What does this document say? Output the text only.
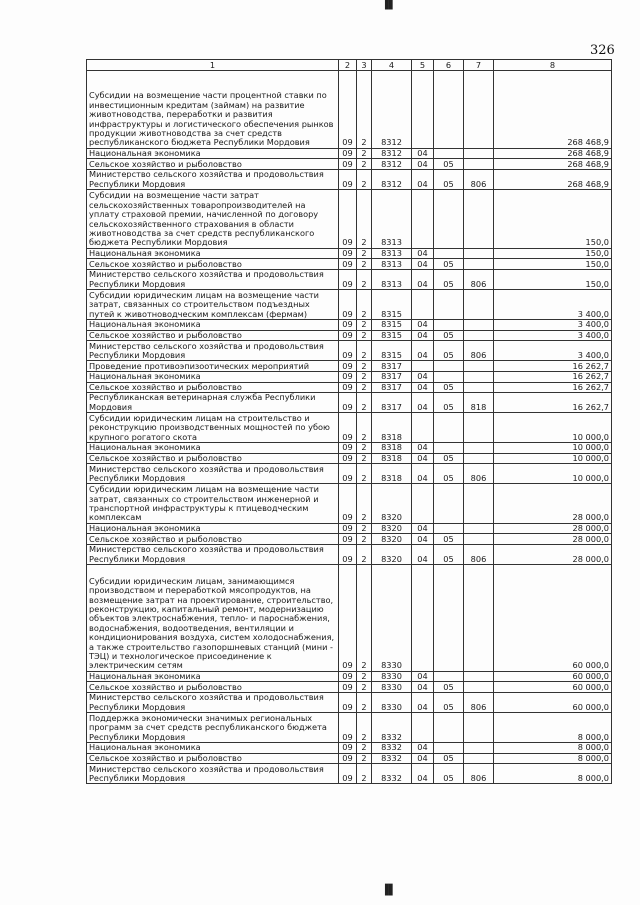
▐▌
326
1	2	3	4	5	6	7	8
Субсидии на возмещение части процентной ставки по инвестиционным кредитам (займам) на развитие животноводства, переработки и развития инфраструктуры и логистического обеспечения рынков продукции животноводства за счет средств республиканского бюджета Республики Мордовия	09	2	8312				268 468,9
Национальная экономика	09	2	8312	04			268 468,9
Сельское хозяйство и рыболовство	09	2	8312	04	05		268 468,9
Министерство сельского хозяйства и продовольствия Республики Мордовия	09	2	8312	04	05	806	268 468,9
Субсидии на возмещение части затрат сельскохозяйственных товаропроизводителей на уплату страховой премии, начисленной по договору сельскохозяйственного страхования в области животноводства за счет средств республиканского бюджета Республики Мордовия	09	2	8313				150,0
Национальная экономика	09	2	8313	04			150,0
Сельское хозяйство и рыболовство	09	2	8313	04	05		150,0
Министерство сельского хозяйства и продовольствия Республики Мордовия	09	2	8313	04	05	806	150,0
Субсидии юридическим лицам на возмещение части затрат, связанных со строительством подъездных путей к животноводческим комплексам (фермам)	09	2	8315				3 400,0
Национальная экономика	09	2	8315	04			3 400,0
Сельское хозяйство и рыболовство	09	2	8315	04	05		3 400,0
Министерство сельского хозяйства и продовольствия Республики Мордовия	09	2	8315	04	05	806	3 400,0
Проведение противоэпизоотических мероприятий	09	2	8317				16 262,7
Национальная экономика	09	2	8317	04			16 262,7
Сельское хозяйство и рыболовство	09	2	8317	04	05		16 262,7
Республиканская ветеринарная служба Республики Мордовия	09	2	8317	04	05	818	16 262,7
Субсидии юридическим лицам на строительство и реконструкцию производственных мощностей по убою крупного рогатого скота	09	2	8318				10 000,0
Национальная экономика	09	2	8318	04			10 000,0
Сельское хозяйство и рыболовство	09	2	8318	04	05		10 000,0
Министерство сельского хозяйства и продовольствия Республики Мордовия	09	2	8318	04	05	806	10 000,0
Субсидии юридическим лицам на возмещение части затрат, связанных со строительством инженерной и транспортной инфраструктуры к птицеводческим комплексам	09	2	8320				28 000,0
Национальная экономика	09	2	8320	04			28 000,0
Сельское хозяйство и рыболовство	09	2	8320	04	05		28 000,0
Министерство сельского хозяйства и продовольствия Республики Мордовия	09	2	8320	04	05	806	28 000,0
Субсидии юридическим лицам, занимающимся производством и переработкой мясопродуктов, на возмещение затрат на проектирование, строительство, реконструкцию, капитальный ремонт, модернизацию объектов электроснабжения, тепло- и пароснабжения, водоснабжения, водоотведения, вентиляции и кондиционирования воздуха, систем холодоснабжения, а также строительство газопоршневых станций (мини - ТЭЦ) и технологическое присоединение к электрическим сетям	09	2	8330				60 000,0
Национальная экономика	09	2	8330	04			60 000,0
Сельское хозяйство и рыболовство	09	2	8330	04	05		60 000,0
Министерство сельского хозяйства и продовольствия Республики Мордовия	09	2	8330	04	05	806	60 000,0
Поддержка экономически значимых региональных программ за счет средств республиканского бюджета Республики Мордовия	09	2	8332				8 000,0
Национальная экономика	09	2	8332	04			8 000,0
Сельское хозяйство и рыболовство	09	2	8332	04	05		8 000,0
Министерство сельского хозяйства и продовольствия Республики Мордовия	09	2	8332	04	05	806	8 000,0
▐▌
